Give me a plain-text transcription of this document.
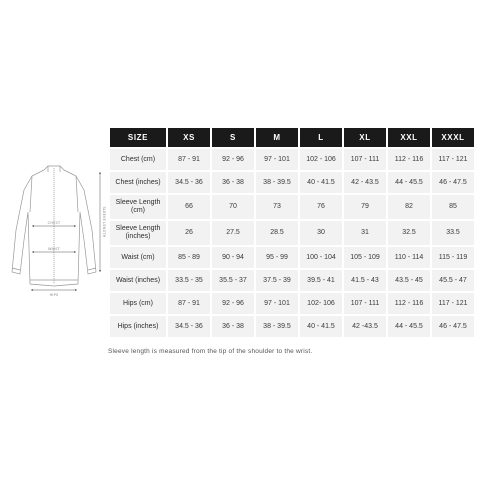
CHEST
WAIST
HIPS
SLEEVE LENGTH
SIZE	XS	S	M	L	XL	XXL	XXXL
Chest (cm)	87 - 91	92 - 96	97 - 101	102 - 106	107 - 111	112 - 116	117 - 121
Chest (inches)	34.5 - 36	36 - 38	38 - 39.5	40 - 41.5	42 - 43.5	44 - 45.5	46 - 47.5
Sleeve Length (cm)	66	70	73	76	79	82	85
Sleeve Length (inches)	26	27.5	28.5	30	31	32.5	33.5
Waist (cm)	85 - 89	90 - 94	95 - 99	100 - 104	105 - 109	110 - 114	115 - 119
Waist (inches)	33.5 - 35	35.5 - 37	37.5 - 39	39.5 - 41	41.5 - 43	43.5 - 45	45.5 - 47
Hips (cm)	87 - 91	92 - 96	97 - 101	102- 106	107 - 111	112 - 116	117 - 121
Hips (inches)	34.5 - 36	36 - 38	38 - 39.5	40 - 41.5	42 -43.5	44 - 45.5	46 - 47.5
Sleeve length is measured from the tip of the shoulder to the wrist.
